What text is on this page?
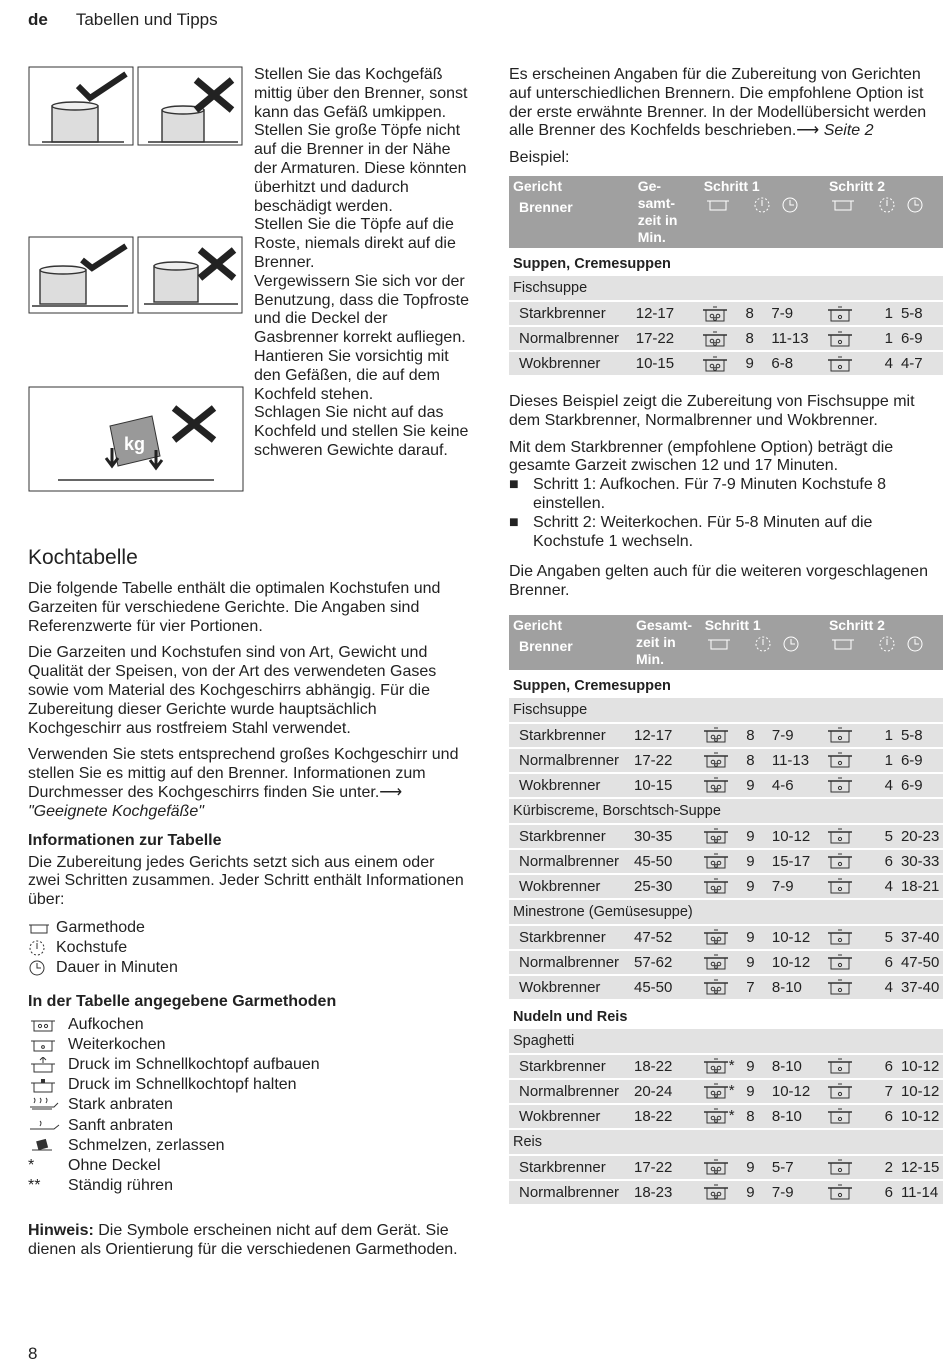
de Tabellen und Tipps
kg

Stellen Sie das Kochgefäß mittig über den Brenner, sonst kann das Gefäß umkippen.

Stellen Sie große Töpfe nicht auf die Brenner in der Nähe der Armaturen. Diese könnten überhitzt und dadurch beschädigt werden.

Stellen Sie die Töpfe auf die Roste, niemals direkt auf die Brenner.

Vergewissern Sie sich vor der Benutzung, dass die Topfroste und die Deckel der Gasbrenner korrekt aufliegen.

Hantieren Sie vorsichtig mit den Gefäßen, die auf dem Kochfeld stehen.

Schlagen Sie nicht auf das Kochfeld und stellen Sie keine schweren Gewichte darauf.

Kochtabelle

Die folgende Tabelle enthält die optimalen Kochstufen und Garzeiten für verschiedene Gerichte. Die Angaben sind Referenzwerte für vier Portionen.

Die Garzeiten und Kochstufen sind von Art, Gewicht und Qualität der Speisen, von der Art des verwendeten Gases sowie vom Material des Kochgeschirrs abhängig. Für die Zubereitung dieser Gerichte wurde hauptsächlich Kochgeschirr aus rostfreiem Stahl verwendet.

Verwenden Sie stets entsprechend großes Kochgeschirr und stellen Sie es mittig auf den Brenner. Informationen zum Durchmesser des Kochgeschirrs finden Sie unter.⟶ "Geeignete Kochgefäße"

Informationen zur Tabelle

Die Zubereitung jedes Gerichts setzt sich aus einem oder zwei Schritten zusammen. Jeder Schritt enthält Informationen über:

Garmethode
Kochstufe
Dauer in Minuten
In der Tabelle angegebene Garmethoden
Aufkochen
Weiterkochen
Druck im Schnellkochtopf aufbauen
Druck im Schnellkochtopf halten
Stark anbraten
Sanft anbraten
Schmelzen, zerlassen
*	Ohne Deckel
**	Ständig rühren

Hinweis: Die Symbole erscheinen nicht auf dem Gerät. Sie dienen als Orientierung für die verschiedenen Garmethoden.

Es erscheinen Angaben für die Zubereitung von Gerichten auf unterschiedlichen Brennern. Die empfohlene Option ist der erste erwähnte Brenner. In der Modellübersicht werden alle Brenner des Kochfelds beschrieben.⟶ Seite 2

Beispiel:

Gericht
Brenner	Ge-
samt-
zeit in
Min.	Schritt 1			Schritt 2		

Suppen, Cremesuppen							
Fischsuppe							
Starkbrenner	12-17		8	7-9		1	5-8
Normalbrenner	17-22		8	11-13		1	6-9
Wokbrenner	10-15		9	6-8		4	4-7

Dieses Beispiel zeigt die Zubereitung von Fischsuppe mit dem Starkbrenner, Normalbrenner und Wokbrenner.

Mit dem Starkbrenner (empfohlene Option) beträgt die gesamte Garzeit zwischen 12 und 17 Minuten.

■ Schritt 1: Aufkochen. Für 7-9 Minuten Kochstufe 8 einstellen.
■ Schritt 2: Weiterkochen. Für 5-8 Minuten auf die Kochstufe 1 wechseln.

Die Angaben gelten auch für die weiteren vorgeschlagenen Brenner.

Gericht
Brenner	Gesamt-
zeit in
Min.	Schritt 1			Schritt 2		

Suppen, Cremesuppen							
Fischsuppe							
Starkbrenner	12-17		8	7-9		1	5-8
Normalbrenner	17-22		8	11-13		1	6-9
Wokbrenner	10-15		9	4-6		4	6-9
Kürbiscreme, Borschtsch-Suppe							
Starkbrenner	30-35		9	10-12		5	20-23
Normalbrenner	45-50		9	15-17		6	30-33
Wokbrenner	25-30		9	7-9		4	18-21
Minestrone (Gemüsesuppe)							
Starkbrenner	47-52		9	10-12		5	37-40
Normalbrenner	57-62		9	10-12		6	47-50
Wokbrenner	45-50		7	8-10		4	37-40
Nudeln und Reis							
Spaghetti							
Starkbrenner	18-22	*	9	8-10		6	10-12
Normalbrenner	20-24	*	9	10-12		7	10-12
Wokbrenner	18-22	*	8	8-10		6	10-12
Reis							
Starkbrenner	17-22		9	5-7		2	12-15
Normalbrenner	18-23		9	7-9		6	11-14
8
